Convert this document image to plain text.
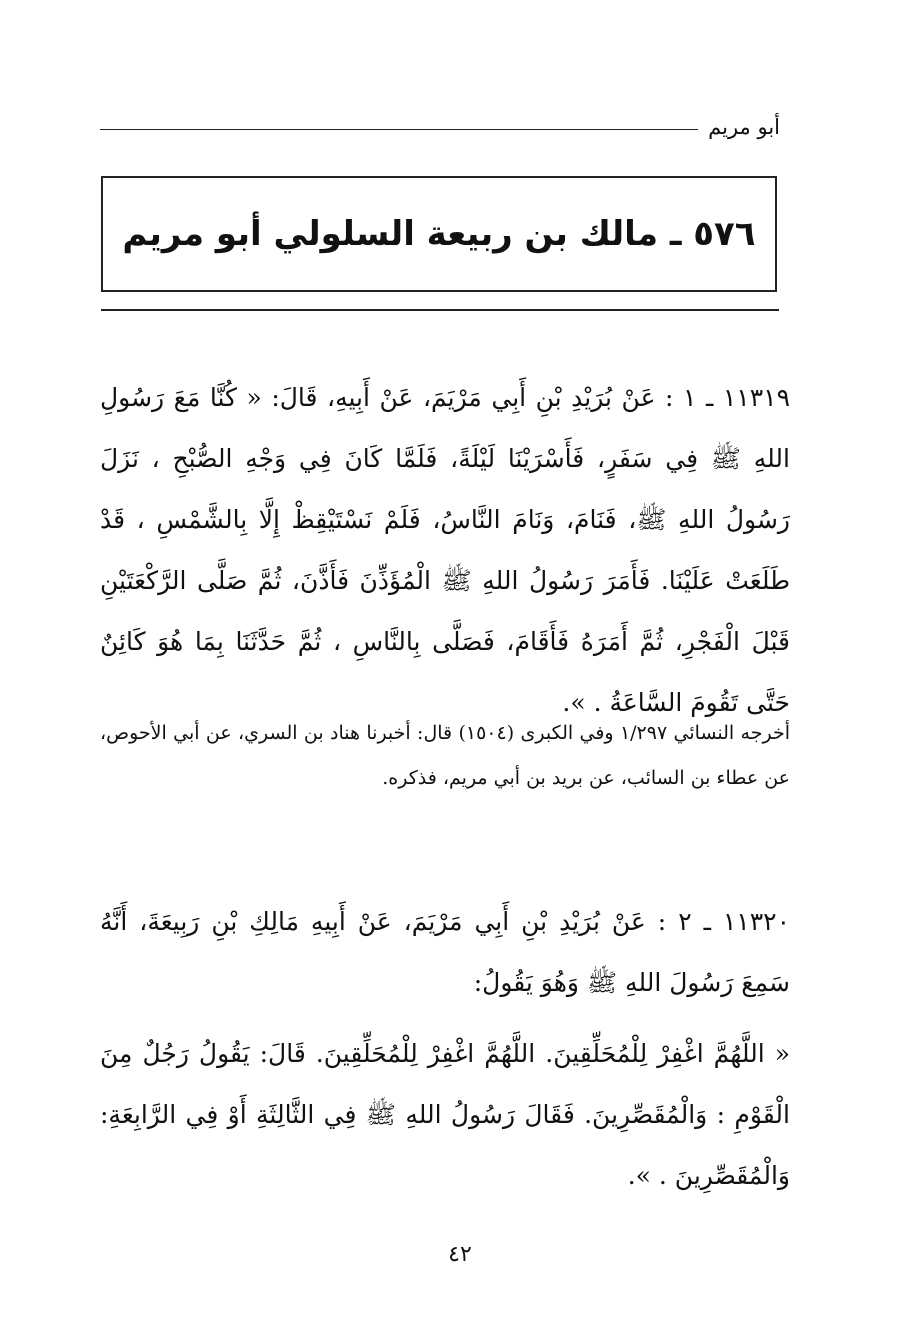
أبو مريم
٥٧٦ ـ مالك بن ربيعة السلولي أبو مريم
١١٣١٩ ـ ١ : عَنْ بُرَيْدِ بْنِ أَبِي مَرْيَمَ، عَنْ أَبِيهِ، قَالَ: « كُنَّا مَعَ رَسُولِ اللهِ ﷺ فِي سَفَرٍ، فَأَسْرَيْنَا لَيْلَةً، فَلَمَّا كَانَ فِي وَجْهِ الصُّبْحِ ، نَزَلَ رَسُولُ اللهِ ﷺ، فَنَامَ، وَنَامَ النَّاسُ، فَلَمْ نَسْتَيْقِظْ إِلَّا بِالشَّمْسِ ، قَدْ طَلَعَتْ عَلَيْنَا. فَأَمَرَ رَسُولُ اللهِ ﷺ الْمُؤَذِّنَ فَأَذَّنَ، ثُمَّ صَلَّى الرَّكْعَتَيْنِ قَبْلَ الْفَجْرِ، ثُمَّ أَمَرَهُ فَأَقَامَ، فَصَلَّى بِالنَّاسِ ، ثُمَّ حَدَّثَنَا بِمَا هُوَ كَائِنٌ حَتَّى تَقُومَ السَّاعَةُ . ».
أخرجه النسائي ١/٢٩٧ وفي الكبرى (١٥٠٤) قال: أخبرنا هناد بن السري، عن أبي الأحوص، عن عطاء بن السائب، عن بريد بن أبي مريم، فذكره.
١١٣٢٠ ـ ٢ : عَنْ بُرَيْدِ بْنِ أَبِي مَرْيَمَ، عَنْ أَبِيهِ مَالِكِ بْنِ رَبِيعَةَ، أَنَّهُ سَمِعَ رَسُولَ اللهِ ﷺ وَهُوَ يَقُولُ:
« اللَّهُمَّ اغْفِرْ لِلْمُحَلِّقِينَ. اللَّهُمَّ اغْفِرْ لِلْمُحَلِّقِينَ. قَالَ: يَقُولُ رَجُلٌ مِنَ الْقَوْمِ : وَالْمُقَصِّرِينَ. فَقَالَ رَسُولُ اللهِ ﷺ فِي الثَّالِثَةِ أَوْ فِي الرَّابِعَةِ: وَالْمُقَصِّرِينَ . ».
٤٢
